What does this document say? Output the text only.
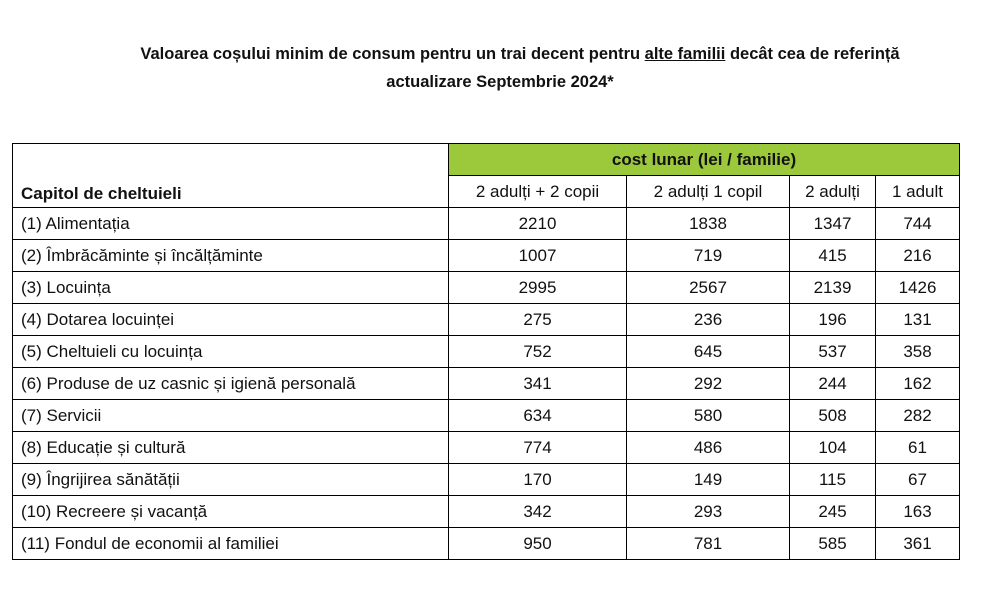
Valoarea coșului minim de consum pentru un trai decent pentru alte familii decât cea de referință
actualizare Septembrie 2024*
Capitol de cheltuieli	cost lunar (lei / familie)			
	2 adulți + 2 copii	2 adulți 1 copil	2 adulți	1 adult
(1) Alimentația	2210	1838	1347	744
(2) Îmbrăcăminte și încălțăminte	1007	719	415	216
(3) Locuința	2995	2567	2139	1426
(4) Dotarea locuinței	275	236	196	131
(5) Cheltuieli cu locuința	752	645	537	358
(6) Produse de uz casnic și igienă personală	341	292	244	162
(7) Servicii	634	580	508	282
(8) Educație și cultură	774	486	104	61
(9) Îngrijirea sănătății	170	149	115	67
(10) Recreere și vacanță	342	293	245	163
(11) Fondul de economii al familiei	950	781	585	361
